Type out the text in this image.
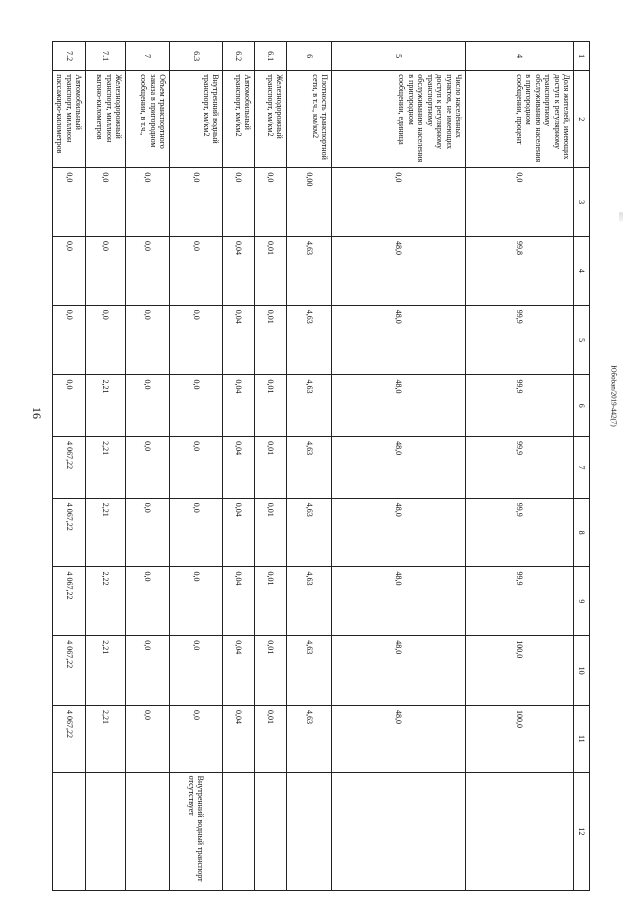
16	Юбоban/2019-442(7)
1	2	3	4	5	6	7	8	9	10	11	12
4	Доля жителей, имеющих доступ к регулярному транспортному обслуживанию населения в пригородном сообщении, процент	0,0	99,8	99,9	99,9	99,9	99,9	99,9	100,0	100,0	
5	Число населённых пунктов, не имеющих доступ к регулярному транспортному обслуживанию населения в пригородном сообщении, единица	0,0	48,0	48,0	48,0	48,0	48,0	48,0	48,0	48,0	
6	Плотность транспортной сети, в т.ч., км/км2	0,00	4,63	4,63	4,63	4,63	4,63	4,63	4,63	4,63	
6.1	Железнодорожный транспорт, км/км2	0,0	0,01	0,01	0,01	0,01	0,01	0,01	0,01	0,01	
6.2	Автомобильный транспорт, км/км2	0,0	0,04	0,04	0,04	0,04	0,04	0,04	0,04	0,04	
6.3	Внутренний водный транспорт, км/км2	0,0	0,0	0,0	0,0	0,0	0,0	0,0	0,0	0,0	Внутренний водный транспорт отсутствует
7	Объем транспортного заказа в пригородном сообщении, в т.ч.,	0,0	0,0	0,0	0,0	0,0	0,0	0,0	0,0	0,0	
7.1	Железнодорожный транспорт, миллион вагоно-километров	0,0	0,0	0,0	2,21	2,21	2,21	2,22	2,21	2,21	
7.2	Автомобильный транспорт, миллион пассажиро-километров	0,0	0,0	0,0	0,0	4 067,22	4 067,22	4 067,22	4 067,22	4 067,22	
